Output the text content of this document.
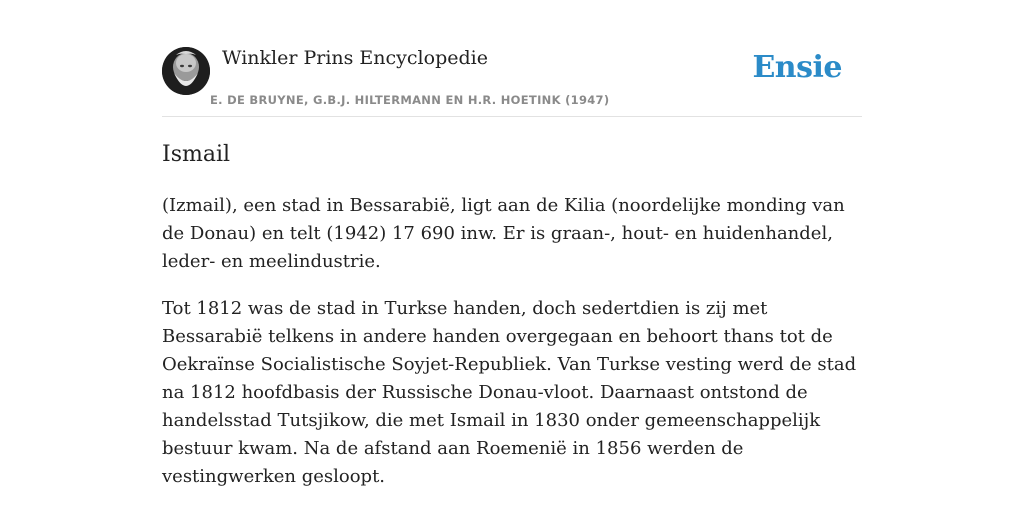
Winkler Prins Encyclopedie
E. DE BRUYNE, G.B.J. HILTERMANN EN H.R. HOETINK (1947)
Ensie
Ismail

(Izmail), een stad in Bessarabië, ligt aan de Kilia (noordelijke monding van de Donau) en telt (1942) 17 690 inw. Er is graan-, hout- en huidenhandel, leder- en meelindustrie.

Tot 1812 was de stad in Turkse handen, doch sedertdien is zij met Bessarabië telkens in andere handen overgegaan en behoort thans tot de Oekraïnse Socialistische Soyjet-Republiek. Van Turkse vesting werd de stad na 1812 hoofdbasis der Russische Donau-vloot. Daarnaast ontstond de handelsstad Tutsjikow, die met Ismail in 1830 onder gemeenschappelijk bestuur kwam. Na de afstand aan Roemenië in 1856 werden de vestingwerken gesloopt.
